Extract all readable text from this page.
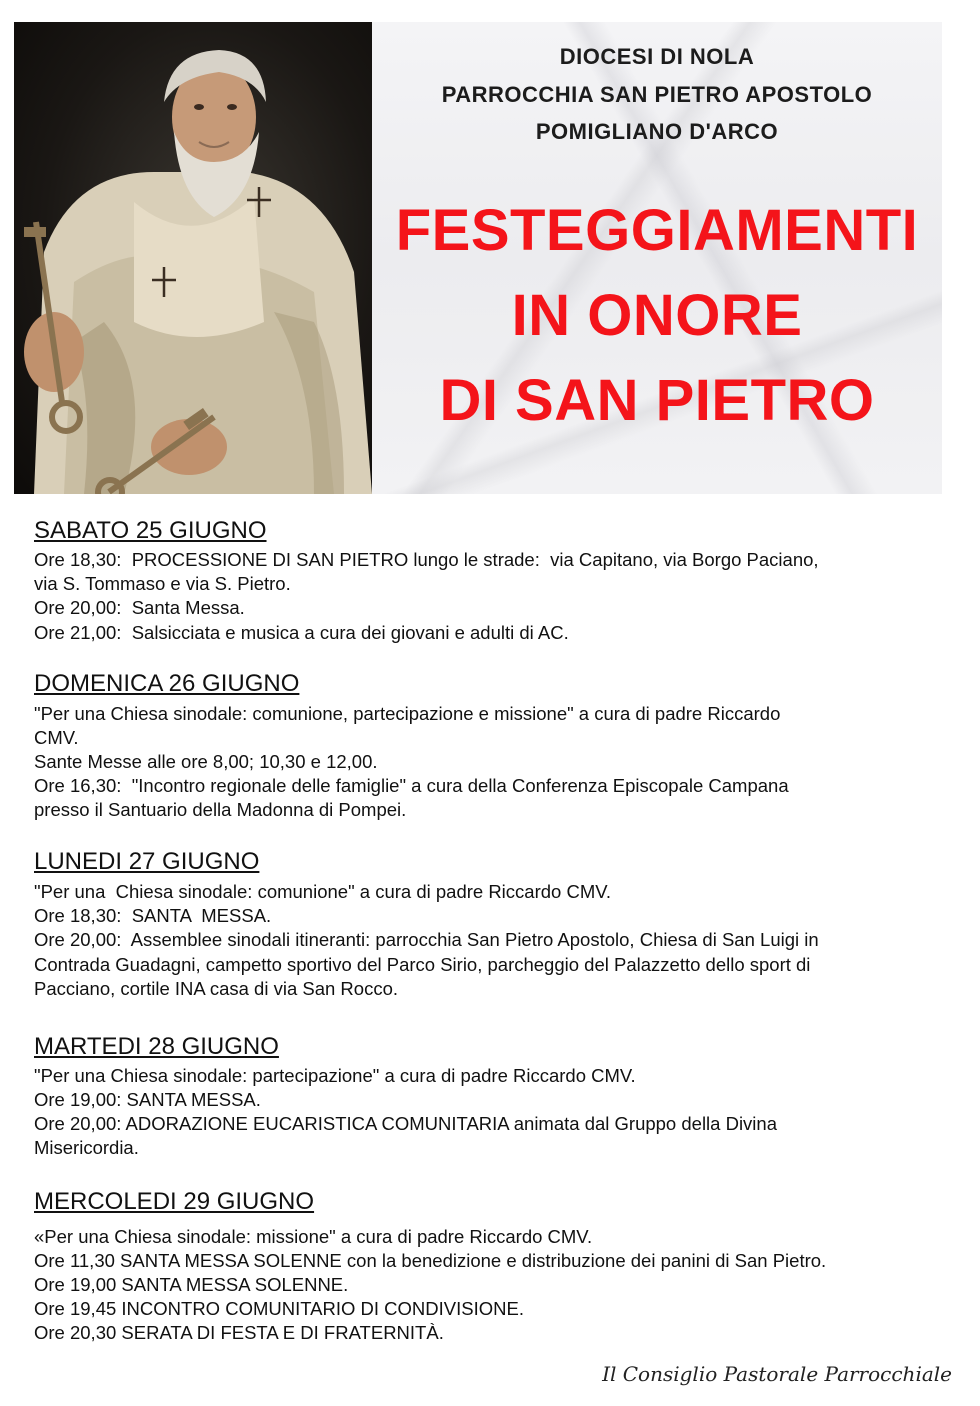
DIOCESI DI NOLA
PARROCCHIA SAN PIETRO APOSTOLO
POMIGLIANO D'ARCO
FESTEGGIAMENTI
IN ONORE
DI SAN PIETRO
SABATO 25 GIUGNO
Ore 18,30:  PROCESSIONE DI SAN PIETRO lungo le strade:  via Capitano, via Borgo Paciano,
via S. Tommaso e via S. Pietro.
Ore 20,00:  Santa Messa.
Ore 21,00:  Salsicciata e musica a cura dei giovani e adulti di AC.
DOMENICA 26 GIUGNO
"Per una Chiesa sinodale: comunione, partecipazione e missione" a cura di padre Riccardo
CMV.
Sante Messe alle ore 8,00; 10,30 e 12,00.
Ore 16,30:  "Incontro regionale delle famiglie" a cura della Conferenza Episcopale Campana
presso il Santuario della Madonna di Pompei.
LUNEDI 27 GIUGNO
"Per una  Chiesa sinodale: comunione" a cura di padre Riccardo CMV.
Ore 18,30:  SANTA  MESSA.
Ore 20,00:  Assemblee sinodali itineranti: parrocchia San Pietro Apostolo, Chiesa di San Luigi in
Contrada Guadagni, campetto sportivo del Parco Sirio, parcheggio del Palazzetto dello sport di
Pacciano, cortile INA casa di via San Rocco.
MARTEDI 28 GIUGNO
"Per una Chiesa sinodale: partecipazione" a cura di padre Riccardo CMV.
Ore 19,00: SANTA MESSA.
Ore 20,00: ADORAZIONE EUCARISTICA COMUNITARIA animata dal Gruppo della Divina
Misericordia.
MERCOLEDI 29 GIUGNO
«Per una Chiesa sinodale: missione" a cura di padre Riccardo CMV.
Ore 11,30 SANTA MESSA SOLENNE con la benedizione e distribuzione dei panini di San Pietro.
Ore 19,00 SANTA MESSA SOLENNE.
Ore 19,45 INCONTRO COMUNITARIO DI CONDIVISIONE.
Ore 20,30 SERATA DI FESTA E DI FRATERNITÀ.
Il Consiglio Pastorale Parrocchiale
